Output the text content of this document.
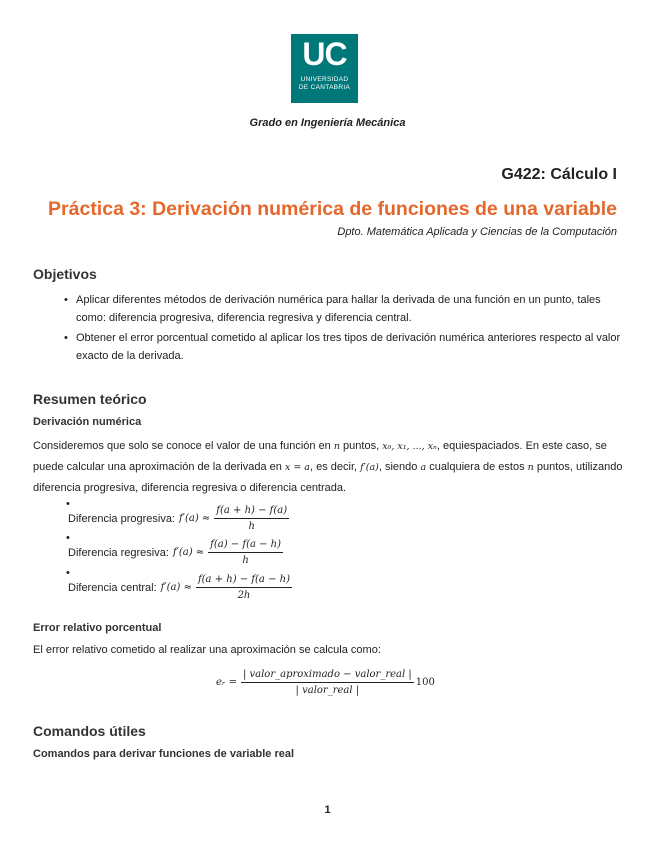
UC
UNIVERSIDAD
DE CANTABRIA
Grado en Ingeniería Mecánica
G422: Cálculo I
Práctica 3: Derivación numérica de funciones de una variable
Dpto. Matemática Aplicada y Ciencias de la Computación
Objetivos
• Aplicar diferentes métodos de derivación numérica para hallar la derivada de una función en un punto, tales como: diferencia progresiva, diferencia regresiva y diferencia central.
• Obtener el error porcentual cometido al aplicar los tres tipos de derivación numérica anteriores respecto al valor exacto de la derivada.
Resumen teórico
Derivación numérica
Consideremos que solo se conoce el valor de una función en n puntos, x₀, x₁, ..., xₙ, equiespaciados. En este caso, se puede calcular una aproximación de la derivada en x = a, es decir, f′(a), siendo a cualquiera de estos n puntos, utilizando diferencia progresiva, diferencia regresiva o diferencia centrada.
•
Diferencia progresiva: $f'(a) \approx \frac{f(a + h) - f(a)}{h}$
•
Diferencia regresiva: $f'(a) \approx \frac{f(a) - f(a - h)}{h}$
•
Diferencia central: $f'(a) \approx \frac{f(a + h) - f(a - h)}{2h}$
Error relativo porcentual
El error relativo cometido al realizar una aproximación se calcula como:
eᵣ = $\frac{\text{| valor\_aproximado − valor\_real |}}{\text{| valor\_real |}} 100$
Comandos útiles
Comandos para derivar funciones de variable real
1
